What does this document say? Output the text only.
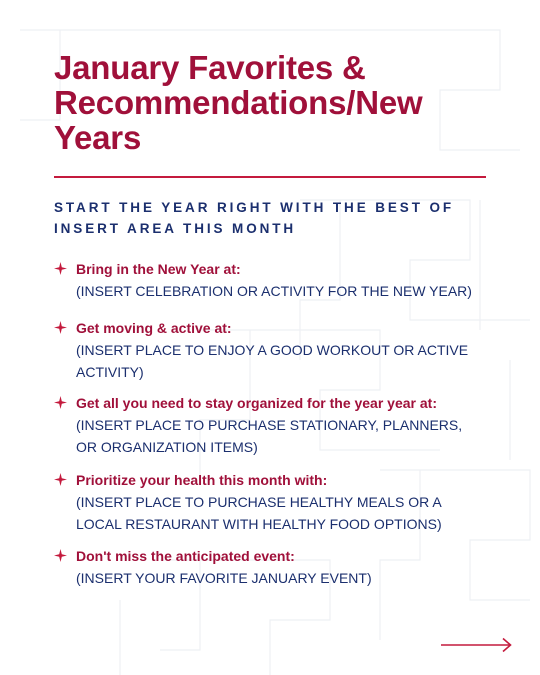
January Favorites & Recommendations/New Years

START THE YEAR RIGHT WITH THE BEST OF INSERT AREA THIS MONTH

Bring in the New Year at:
(INSERT CELEBRATION OR ACTIVITY FOR THE NEW YEAR)
Get moving & active at:
(INSERT PLACE TO ENJOY A GOOD WORKOUT OR ACTIVE ACTIVITY)
Get all you need to stay organized for the year year at:
(INSERT PLACE TO PURCHASE STATIONARY, PLANNERS, OR ORGANIZATION ITEMS)
Prioritize your health this month with:
(INSERT PLACE TO PURCHASE HEALTHY MEALS OR A LOCAL RESTAURANT WITH HEALTHY FOOD OPTIONS)
Don't miss the anticipated event:
(INSERT YOUR FAVORITE JANUARY EVENT)
